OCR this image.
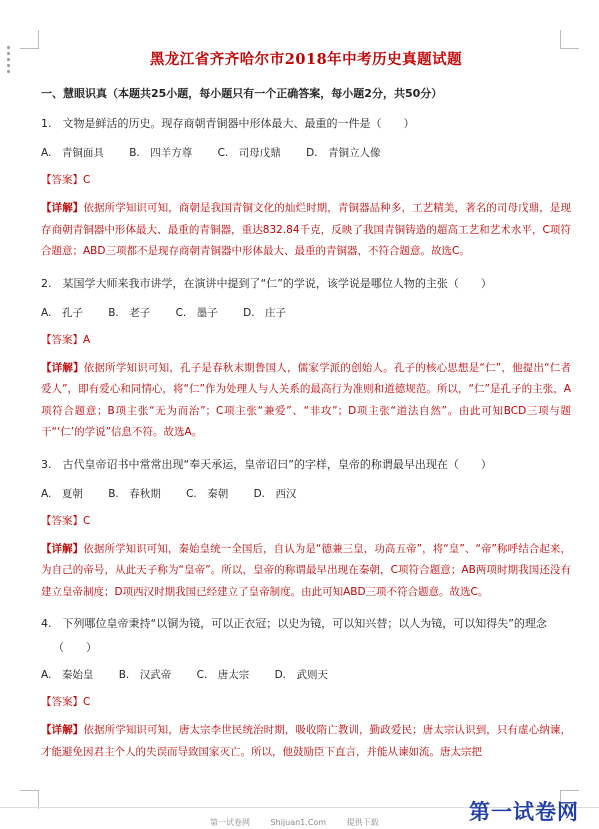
黑龙江省齐齐哈尔市2018年中考历史真题试题
一、慧眼识真（本题共25小题，每小题只有一个正确答案，每小题2分，共50分）
1.　文物是鲜活的历史。现存商朝青铜器中形体最大、最重的一件是（　　）
A.　青铜面具 B.　四羊方尊 C.　司母戊鼎 D.　青铜立人像
【答案】C
【详解】依据所学知识可知，商朝是我国青铜文化的灿烂时期，青铜器品种多，工艺精美，著名的司母戊鼎，是现存商朝青铜器中形体最大、最重的青铜器，重达832.84千克，反映了我国青铜铸造的超高工艺和艺术水平，C项符合题意；ABD三项都不是现存商朝青铜器中形体最大、最重的青铜器，不符合题意。故选C。
2.　某国学大师来我市讲学，在演讲中提到了“仁”的学说，该学说是哪位人物的主张（　　）
A.　孔子 B.　老子 C.　墨子 D.　庄子
【答案】A
【详解】依据所学知识可知，孔子是春秋末期鲁国人，儒家学派的创始人。孔子的核心思想是“仁”，他提出“仁者爱人”，即有爱心和同情心，将“仁”作为处理人与人关系的最高行为准则和道德规范。所以，“仁”是孔子的主张，A项符合题意；B项主张“无为而治”；C项主张“兼爱”、“非攻”；D项主张“道法自然”。由此可知BCD三项与题干“‘仁’的学说”信息不符。故选A。
3.　古代皇帝诏书中常常出现“奉天承运，皇帝诏曰”的字样，皇帝的称谓最早出现在（　　）
A.　夏朝 B.　春秋期 C.　秦朝 D.　西汉
【答案】C
【详解】依据所学知识可知，秦始皇统一全国后，自认为是“德兼三皇，功高五帝”，将“皇”、“帝”称呼结合起来，为自己的帝号，从此天子称为“皇帝”。所以，皇帝的称谓最早出现在秦朝，C项符合题意；AB两项时期我国还没有建立皇帝制度；D项西汉时期我国已经建立了皇帝制度。由此可知ABD三项不符合题意。故选C。
4.　下列哪位皇帝秉持“以铜为镜，可以正衣冠；以史为镜，可以知兴替；以人为镜，可以知得失”的理念
（　　）
A.　秦始皇 B.　汉武帝 C.　唐太宗 D.　武则天
【答案】C
【详解】依据所学知识可知，唐太宗李世民统治时期，吸收隋亡教训，勤政爱民；唐太宗认识到，只有虚心纳谏，才能避免因君主个人的失误而导致国家灭亡。所以，他鼓励臣下直言，并能从谏如流。唐太宗把
第一试卷网	Shijuan1.Com	提供下载	第一试卷网
